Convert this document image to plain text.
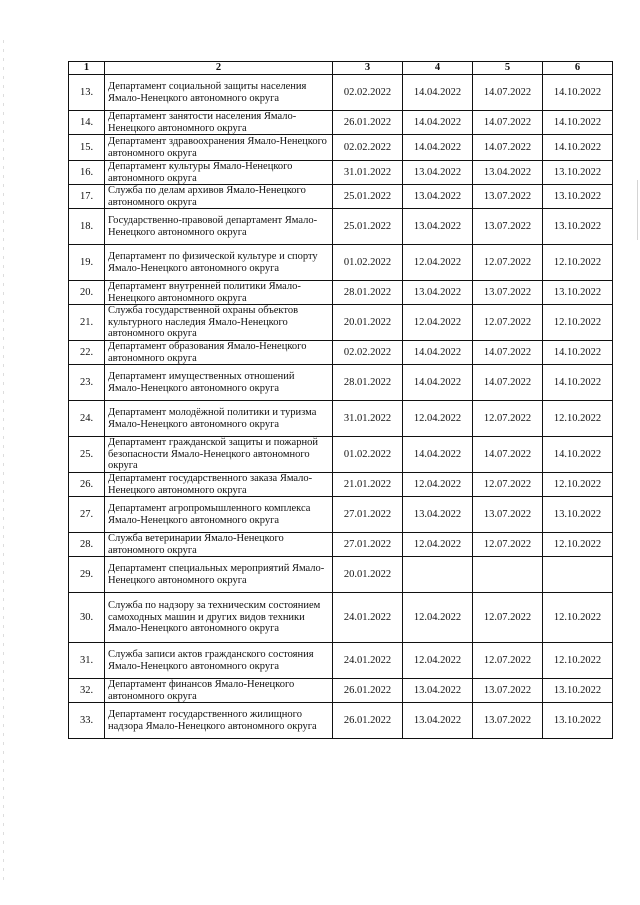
1	2	3	4	5	6
13.	Департамент социальной защиты населения Ямало-Ненецкого автономного округа	02.02.2022	14.04.2022	14.07.2022	14.10.2022
14.	Департамент занятости населения Ямало-Ненецкого автономного округа	26.01.2022	14.04.2022	14.07.2022	14.10.2022
15.	Департамент здравоохранения Ямало-Ненецкого автономного округа	02.02.2022	14.04.2022	14.07.2022	14.10.2022
16.	Департамент культуры Ямало-Ненецкого автономного округа	31.01.2022	13.04.2022	13.04.2022	13.10.2022
17.	Служба по делам архивов Ямало-Ненецкого автономного округа	25.01.2022	13.04.2022	13.07.2022	13.10.2022
18.	Государственно-правовой департамент Ямало-Ненецкого автономного округа	25.01.2022	13.04.2022	13.07.2022	13.10.2022
19.	Департамент по физической культуре и спорту Ямало-Ненецкого автономного округа	01.02.2022	12.04.2022	12.07.2022	12.10.2022
20.	Департамент внутренней политики Ямало-Ненецкого автономного округа	28.01.2022	13.04.2022	13.07.2022	13.10.2022
21.	Служба государственной охраны объектов культурного наследия Ямало-Ненецкого автономного округа	20.01.2022	12.04.2022	12.07.2022	12.10.2022
22.	Департамент образования Ямало-Ненецкого автономного округа	02.02.2022	14.04.2022	14.07.2022	14.10.2022
23.	Департамент имущественных отношений Ямало-Ненецкого автономного округа	28.01.2022	14.04.2022	14.07.2022	14.10.2022
24.	Департамент молодёжной политики и туризма Ямало-Ненецкого автономного округа	31.01.2022	12.04.2022	12.07.2022	12.10.2022
25.	Департамент гражданской защиты и пожарной безопасности Ямало-Ненецкого автономного округа	01.02.2022	14.04.2022	14.07.2022	14.10.2022
26.	Департамент государственного заказа Ямало-Ненецкого автономного округа	21.01.2022	12.04.2022	12.07.2022	12.10.2022
27.	Департамент агропромышленного комплекса Ямало-Ненецкого автономного округа	27.01.2022	13.04.2022	13.07.2022	13.10.2022
28.	Служба ветеринарии Ямало-Ненецкого автономного округа	27.01.2022	12.04.2022	12.07.2022	12.10.2022
29.	Департамент специальных мероприятий Ямало-Ненецкого автономного округа	20.01.2022			
30.	Служба по надзору за техническим состоянием самоходных машин и других видов техники Ямало-Ненецкого автономного округа	24.01.2022	12.04.2022	12.07.2022	12.10.2022
31.	Служба записи актов гражданского состояния Ямало-Ненецкого автономного округа	24.01.2022	12.04.2022	12.07.2022	12.10.2022
32.	Департамент финансов Ямало-Ненецкого автономного округа	26.01.2022	13.04.2022	13.07.2022	13.10.2022
33.	Департамент государственного жилищного надзора Ямало-Ненецкого автономного округа	26.01.2022	13.04.2022	13.07.2022	13.10.2022
